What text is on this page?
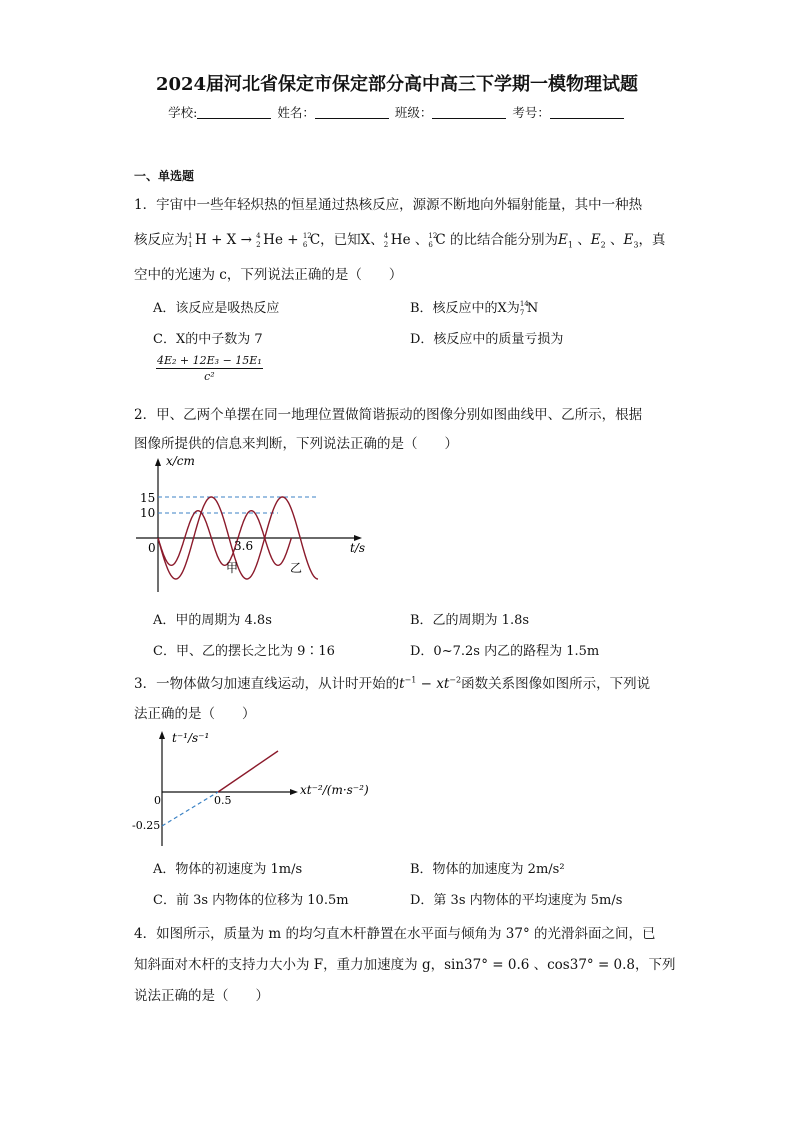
2024届河北省保定市保定部分高中高三下学期一模物理试题
学校:	姓名：	班级：	考号：
一、单选题
1．宇宙中一些年轻炽热的恒星通过热核反应，源源不断地向外辐射能量，其中一种热
核反应为 1
1 H + X → 4
2 He + 12
6 C，已知X、 4
2 He 、 12
6 C 的比结合能分别为$E_1$ 、$E_2$ 、$E_3$，真
空中的光速为 c，下列说法正确的是（　　）
A．该反应是吸热反应	B．核反应中的X为 14
7 N
C．X的中子数为 7	D．核反应中的质量亏损为
$\frac{\text{4E₂ + 12E₃ − 15E₁}}{\text{c²}}$
2．甲、乙两个单摆在同一地理位置做简谐振动的图像分别如图曲线甲、乙所示，根据
图像所提供的信息来判断，下列说法正确的是（　　）
x/cm
t/s
15
10
0	3.6
甲	乙
A．甲的周期为 4.8s	B．乙的周期为 1.8s
C．甲、乙的摆长之比为 9∶16	D．0~7.2s 内乙的路程为 1.5m
3．一物体做匀加速直线运动，从计时开始的$t^{-1} - xt^{-2}$函数关系图像如图所示，下列说
法正确的是（　　）
t⁻¹/s⁻¹
xt⁻²/(m·s⁻²)
0	0.5
-0.25
A．物体的初速度为 1m/s	B．物体的加速度为 2m/s²
C．前 3s 内物体的位移为 10.5m	D．第 3s 内物体的平均速度为 5m/s
4．如图所示，质量为 m 的均匀直木杆静置在水平面与倾角为 37° 的光滑斜面之间，已
知斜面对木杆的支持力大小为 F，重力加速度为 g，sin37° = 0.6 、cos37° = 0.8，下列
说法正确的是（　　）
